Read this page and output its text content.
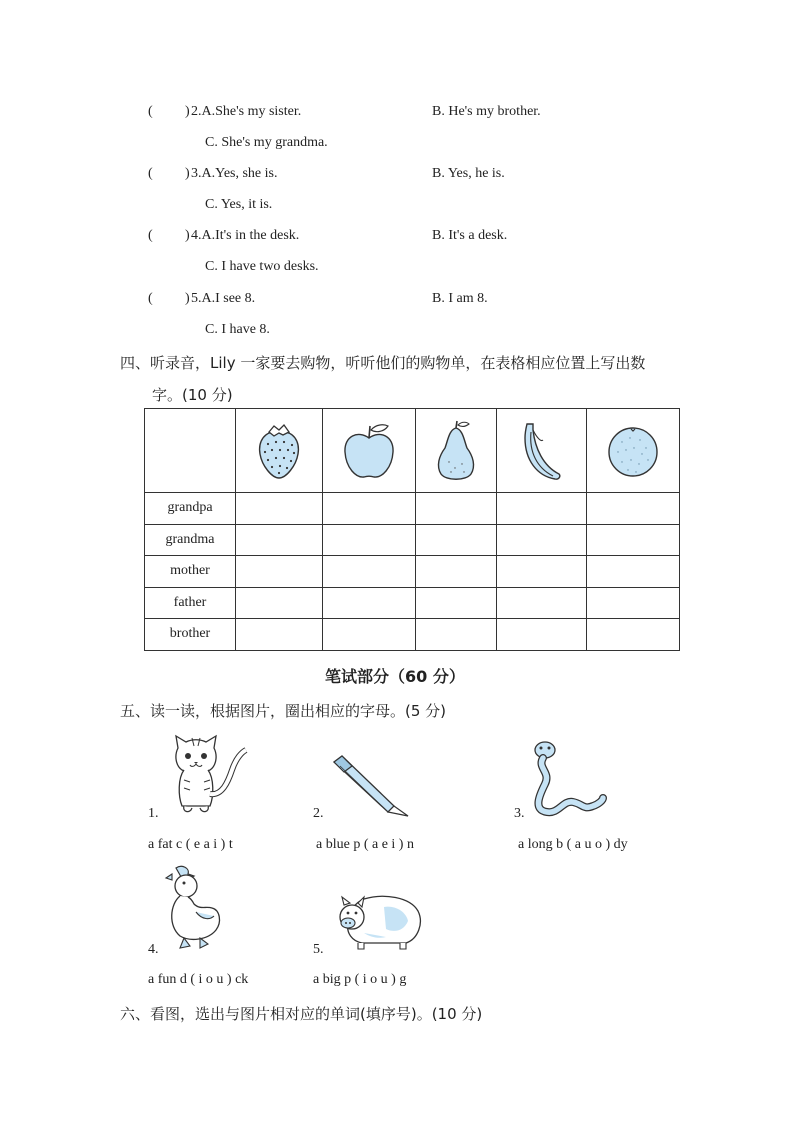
( ) 2.A.She's my sister.	B. He's my brother.
C. She's my grandma.
( ) 3.A.Yes, she is.	B. Yes, he is.
C. Yes, it is.
( ) 4.A.It's in the desk.	B. It's a desk.
C. I have two desks.
( ) 5.A.I see 8.	B. I am 8.
C. I have 8.
四、听录音，Lily 一家要去购物，听听他们的购物单，在表格相应位置上写出数
字。(10 分)

grandpa					
grandma					
mother					
father					
brother					
笔试部分（60 分）
五、读一读，根据图片，圈出相应的字母。(5 分)
1.
a fat c ( e a i ) t
2.
a blue p ( a e i ) n
3.
a long b ( a u o ) dy
4.
a fun d ( i o u ) ck
5.
a big p ( i o u ) g
六、看图，选出与图片相对应的单词(填序号)。(10 分)
